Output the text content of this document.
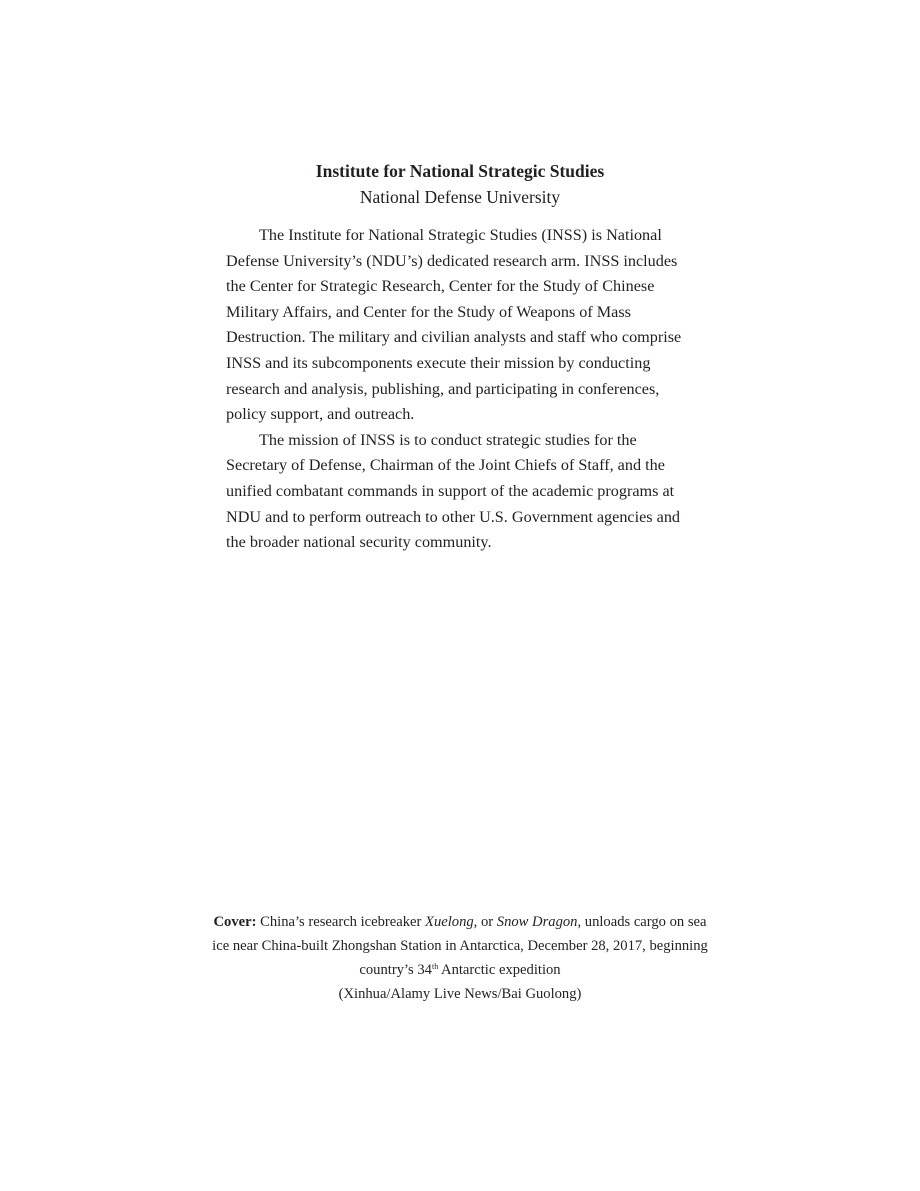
Institute for National Strategic Studies
National Defense University

The Institute for National Strategic Studies (INSS) is National Defense University’s (NDU’s) dedicated research arm. INSS includes the Center for Strategic Research, Center for the Study of Chinese Military Affairs, and Center for the Study of Weapons of Mass Destruction. The military and civilian analysts and staff who comprise INSS and its subcomponents execute their mission by conducting research and analysis, publishing, and participating in conferences, policy support, and outreach.

The mission of INSS is to conduct strategic studies for the Secretary of Defense, Chairman of the Joint Chiefs of Staff, and the unified combatant commands in support of the academic programs at NDU and to perform outreach to other U.S. Government agencies and the broader national security community.

Cover: China’s research icebreaker Xuelong, or Snow Dragon, unloads cargo on sea ice near China-built Zhongshan Station in Antarctica, December 28, 2017, beginning country’s 34th Antarctic expedition
(Xinhua/Alamy Live News/Bai Guolong)
